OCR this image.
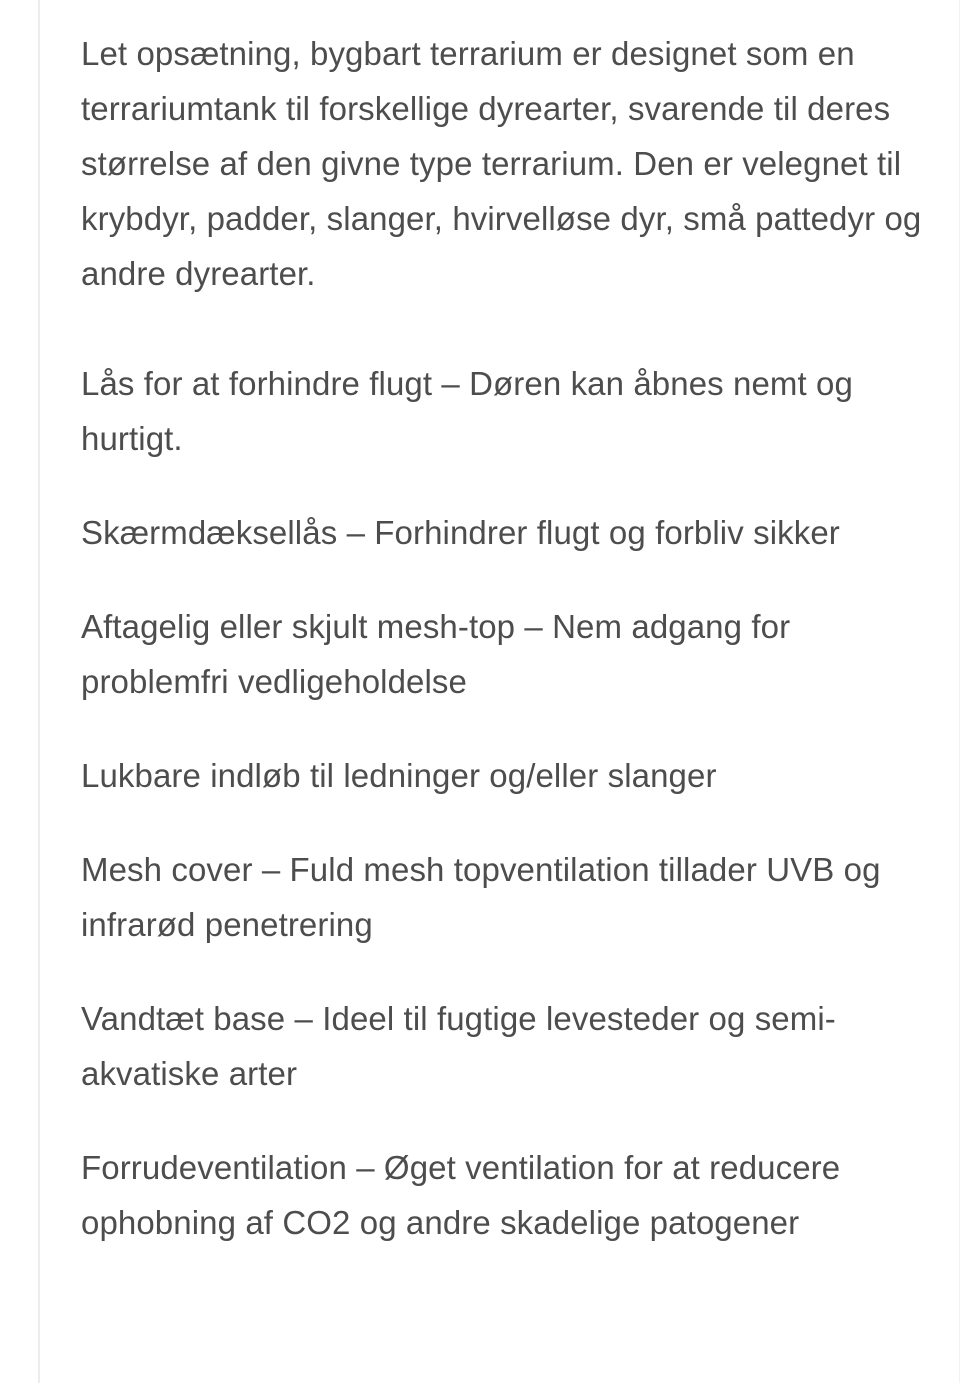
Let opsætning, bygbart terrarium er designet som en terrariumtank til forskellige dyrearter, svarende til deres størrelse af den givne type terrarium. Den er velegnet til krybdyr, padder, slanger, hvirvelløse dyr, små pattedyr og andre dyrearter.

Lås for at forhindre flugt – Døren kan åbnes nemt og hurtigt.

Skærmdæksellås – Forhindrer flugt og forbliv sikker

Aftagelig eller skjult mesh-top – Nem adgang for problemfri vedligeholdelse

Lukbare indløb til ledninger og/eller slanger

Mesh cover – Fuld mesh topventilation tillader UVB og infrarød penetrering

Vandtæt base – Ideel til fugtige levesteder og semi-akvatiske arter

Forrudeventilation – Øget ventilation for at reducere ophobning af CO2 og andre skadelige patogener
